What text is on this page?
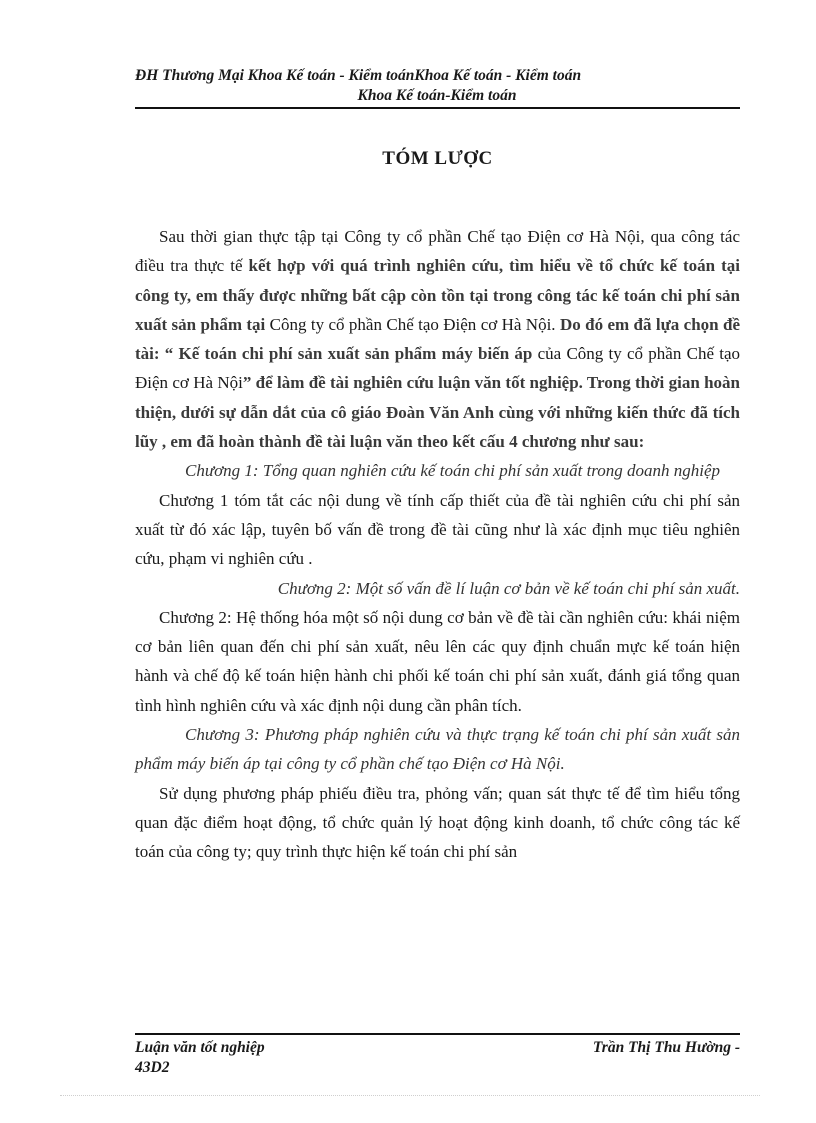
ĐH Thương Mại Khoa Kế toán - Kiểm toánKhoa Kế toán - Kiểm toán
Khoa Kế toán-Kiểm toán
TÓM LƯỢC

Sau thời gian thực tập tại Công ty cổ phần Chế tạo Điện cơ Hà Nội, qua công tác điều tra thực tế kết hợp với quá trình nghiên cứu, tìm hiểu về tổ chức kế toán tại công ty, em thấy được những bất cập còn tồn tại trong công tác kế toán chi phí sản xuất sản phẩm tại Công ty cổ phần Chế tạo Điện cơ Hà Nội. Do đó em đã lựa chọn đề tài: “ Kế toán chi phí sản xuất sản phẩm máy biến áp của Công ty cổ phần Chế tạo Điện cơ Hà Nội” để làm đề tài nghiên cứu luận văn tốt nghiệp. Trong thời gian hoàn thiện, dưới sự dẫn dắt của cô giáo Đoàn Văn Anh cùng với những kiến thức đã tích lũy , em đã hoàn thành đề tài luận văn theo kết cấu 4 chương như sau:

Chương 1: Tổng quan nghiên cứu kế toán chi phí sản xuất trong doanh nghiệp

Chương 1 tóm tắt các nội dung về tính cấp thiết của đề tài nghiên cứu chi phí sản xuất từ đó xác lập, tuyên bố vấn đề trong đề tài cũng như là xác định mục tiêu nghiên cứu, phạm vi nghiên cứu .

Chương 2: Một số vấn đề lí luận cơ bản về kế toán chi phí sản xuất.

Chương 2: Hệ thống hóa một số nội dung cơ bản về đề tài cần nghiên cứu: khái niệm cơ bản liên quan đến chi phí sản xuất, nêu lên các quy định chuẩn mực kế toán hiện hành và chế độ kế toán hiện hành chi phối kế toán chi phí sản xuất, đánh giá tổng quan tình hình nghiên cứu và xác định nội dung cần phân tích.

Chương 3: Phương pháp nghiên cứu và thực trạng kế toán chi phí sản xuất sản phẩm máy biến áp tại công ty cổ phần chế tạo Điện cơ Hà Nội.

Sử dụng phương pháp phiếu điều tra, phỏng vấn; quan sát thực tế để tìm hiểu tổng quan đặc điểm hoạt động, tổ chức quản lý hoạt động kinh doanh, tổ chức công tác kế toán của công ty; quy trình thực hiện kế toán chi phí sản

Luận văn tốt nghiệp	Trần Thị Thu Hường -
43D2
